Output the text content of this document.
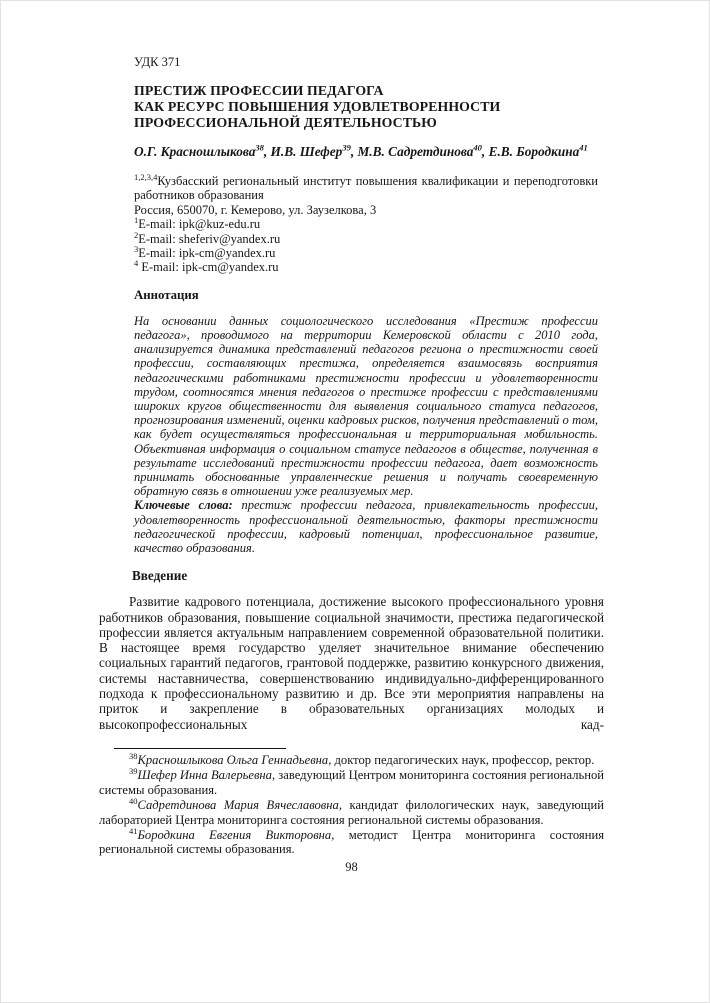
УДК 371
ПРЕСТИЖ ПРОФЕССИИ ПЕДАГОГА
КАК РЕСУРС ПОВЫШЕНИЯ УДОВЛЕТВОРЕННОСТИ
ПРОФЕССИОНАЛЬНОЙ ДЕЯТЕЛЬНОСТЬЮ
О.Г. Красношлыкова$^{38}$, И.В. Шефер$^{39}$, М.В. Садретдинова$^{40}$, Е.В. Бородкина$^{41}$
$^{1,2,3,4}$Кузбасский региональный институт повышения квалификации и переподготовки работников образования
Россия, 650070, г. Кемерово, ул. Заузелкова, 3
$^1$E-mail: ipk@kuz-edu.ru
$^2$E-mail: sheferiv@yandex.ru
$^3$E-mail: ipk-cm@yandex.ru
$^4$ E-mail: ipk-cm@yandex.ru
Аннотация

На основании данных социологического исследования «Престиж профессии педагога», проводимого на территории Кемеровской области с 2010 года, анализируется динамика представлений педагогов региона о престижности своей профессии, составляющих престижа, определяется взаимосвязь восприятия педагогическими работниками престижности профессии и удовлетворенности трудом, соотносятся мнения педагогов о престиже профессии с представлениями широких кругов общественности для выявления социального статуса педагогов, прогнозирования изменений, оценки кадровых рисков, получения представлений о том, как будет осуществляться профессиональная и территориальная мобильность. Объективная информация о социальном статусе педагогов в обществе, полученная в результате исследований престижности профессии педагога, дает возможность принимать обоснованные управленческие решения и получать своевременную обратную связь в отношении уже реализуемых мер.

Ключевые слова: престиж профессии педагога, привлекательность профессии, удовлетворенность профессиональной деятельностью, факторы престижности педагогической профессии, кадровый потенциал, профессиональное развитие, качество образования.

Введение

Развитие кадрового потенциала, достижение высокого профессионального уровня работников образования, повышение социальной значимости, престижа педагогической профессии является актуальным направлением современной образовательной политики. В настоящее время государство уделяет значительное внимание обеспечению социальных гарантий педагогов, грантовой поддержке, развитию конкурсного движения, системы наставничества, совершенствованию индивидуально-дифференцированного подхода к профессиональному развитию и др. Все эти мероприятия направлены на приток и закрепление в образовательных организациях молодых и высокопрофессиональных кад-

$^{38}$Красношлыкова Ольга Геннадьевна, доктор педагогических наук, профессор, ректор.

$^{39}$Шефер Инна Валерьевна, заведующий Центром мониторинга состояния региональной системы образования.

$^{40}$Садретдинова Мария Вячеславовна, кандидат филологических наук, заведующий лабораторией Центра мониторинга состояния региональной системы образования.

$^{41}$Бородкина Евгения Викторовна, методист Центра мониторинга состояния региональной системы образования.

98
